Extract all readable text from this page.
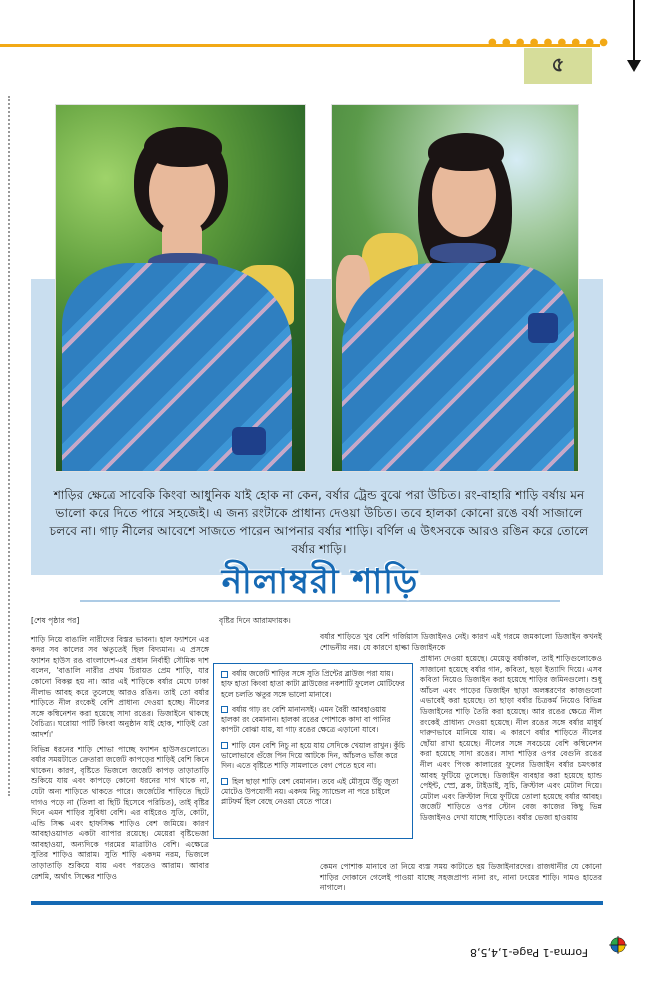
● ● ● ● ● ● ● ● ●
৫
শাড়ির ক্ষেত্রে সাবেকি কিংবা আধুনিক যাই হোক না কেন, বর্ষার ট্রেন্ড বুঝে পরা উচিত। রং-বাহারি শাড়ি বর্ষায় মন ভালো করে দিতে পারে সহজেই। এ জন্য রংটাকে প্রাধান্য দেওয়া উচিত। তবে হালকা কোনো রঙে বর্ষা সাজালে চলবে না। গাঢ় নীলের আবেশে সাজতে পারেন আপনার বর্ষার শাড়ি। বর্ণিল এ উৎসবকে আরও রঙিন করে তোলে বর্ষার শাড়ি।
নীলাম্বরী শাড়ি

[শেষ পৃষ্ঠার পর]

শাড়ি নিয়ে বাঙালি নারীদের বিস্তর ভাবনা। হাল ফ্যাশনে এর কদর সব কালের সব ঋতুতেই ছিল বিদ্যমান। এ প্রসঙ্গে ফ্যাশন হাউস রঙ বাংলাদেশ-এর প্রধান নির্বাহী সৌমিক দাশ বলেন, 'বাঙালি নারীর প্রথম চিরায়ত প্রেম শাড়ি, যার কোনো বিকল্প হয় না। আর এই শাড়িকে বর্ষার মেঘে ঢাকা নীলাভ আবহ করে তুলেছে আরও রঙিন। তাই তো বর্ষার শাড়িতে নীল রংকেই বেশি প্রাধান্য দেওয়া হচ্ছে। নীলের সঙ্গে কম্বিনেশন করা হয়েছে সাদা রঙের। ডিজাইনে থাকছে বৈচিত্র্য। ঘরোয়া পার্টি কিংবা অনুষ্ঠান যাই হোক, শাড়িই তো আদর্শ।'

বিভিন্ন ধরনের শাড়ি শোভা পাচ্ছে ফ্যাশন হাউসগুলোতে। বর্ষার সময়টাতে ক্রেতারা জর্জেট কাপড়ের শাড়িই বেশি কিনে থাকেন। কারণ, বৃষ্টিতে ভিজলে জর্জেট কাপড় তাড়াতাড়ি শুকিয়ে যায় এবং কাপড়ে কোনো ধরনের দাগ থাকে না, যেটা অন্য শাড়িতে থাকতে পারে। জর্জেটের শাড়িতে ছিটে দাগও পড়ে না (তিলা বা ছিটি হিসেবে পরিচিত), তাই বৃষ্টির দিনে এমন শাড়ির সুবিধা বেশি। এর বাইরেও সুতি, কোটা, এন্ডি সিল্ক এবং হাফসিল্ক শাড়িও বেশ জমিয়ে। কারণ আবহাওয়াগত একটা ব্যাপার রয়েছে। মেয়েরা বৃষ্টিভেজা আবহাওয়া, অন্যদিকে গরমের মাত্রাটাও বেশি। এক্ষেত্রে সুতির শাড়িও আরাম। সুতি শাড়ি একদম নরম, ভিজলে তাড়াতাড়ি শুকিয়ে যায় এবং পরতেও আরাম। আবার রেশমি, অর্থাৎ সিল্কের শাড়িও

বৃষ্টির দিনে আরামদায়ক।

বর্ষার শাড়িতে খুব বেশি গর্জিয়াস ডিজাইনও নেই। কারণ এই গরমে জমকালো ডিজাইন কখনই শোভনীয় নয়। যে কারণে হাল্কা ডিজাইনকে

প্রাধান্য দেওয়া হয়েছে। মেয়েড়ু বর্ষাকাল, তাই শাড়িগুলোকেও সাজানো হয়েছে বর্ষার গান, কবিতা, ছড়া ইত্যাদি দিয়ে। এসব কবিতা নিয়েও ডিজাইন করা হয়েছে শাড়ির জমিনগুলো। শুধু আঁচল এবং পাড়ের ডিজাইন ছাড়া অলঙ্করণের কাজগুলো এভাবেই করা হয়েছে। তা ছাড়া বর্ষার চিত্রকর্ম নিয়েও বিভিন্ন ডিজাইনের শাড়ি তৈরি করা হয়েছে। আর রঙের ক্ষেত্রে নীল রংকেই প্রাধান্য দেওয়া হয়েছে। নীল রঙের সঙ্গে বর্ষার মাধুর্য দারুণভাবে মানিয়ে যায়। এ কারণে বর্ষার শাড়িতে নীলের ছোঁয়া রাখা হয়েছে। নীলের সঙ্গে সবচেয়ে বেশি কম্বিনেশন করা হয়েছে সাদা রঙের। সাদা শাড়ির ওপর বেগুনি রঙের নীল এবং পিংক কালারের ফুলের ডিজাইন বর্ষার চমৎকার আবহ ফুটিয়ে তুলেছে। ডিজাইন ব্যবহার করা হয়েছে হ্যান্ড পেইন্ট, স্প্রে, ব্লক, টাইডাই, সুচি, ক্রিস্টাল এবং মেটাল দিয়ে। মেটাল এবং ক্রিস্টাল দিয়ে ফুটিয়ে তোলা হয়েছে বর্ষার আবহ। জর্জেট শাড়িতে ওপর স্টোন বেজ কাজের কিছু ভিন্ন ডিজাইনও দেখা যাচ্ছে শাড়িতে। বর্ষার ভেজা হাওয়ায়

বর্ষায় জর্জেট শাড়ির সঙ্গে সুতি প্রিন্টের ব্লাউজ পরা যায়। হাফ হাতা কিংবা হাতা কাটা ব্লাউজের নকশাটি ফুলেল মোটিফের হলে চলতি ঋতুর সঙ্গে ভালো মানাবে।

বর্ষায় গাঢ় রং বেশি মানানসই। এমন বৈরী আবহাওয়ায় হালকা রং বেমানান। হালকা রঙের পোশাকে কাদা বা পানির কাপটা বোঝা যায়, যা গাঢ় রঙের ক্ষেত্রে এড়ানো যাবে।

শাড়ি যেন বেশি নিচু না হয়ে যায় সেদিকে খেয়াল রাখুন। কুঁচি ভালোভাবে গুঁজে পিন দিয়ে আটকে দিন, আঁচলও ভাঁজ করে দিন। এতে বৃষ্টিতে শাড়ি সামলাতে বেগ পেতে হবে না।

হিল ছাড়া শাড়ি বেশ বেমানান। তবে এই মৌসুমে উঁচু জুতা মোটেও উপযোগী নয়। একদম নিচু স্যান্ডেল না পরে চাইলে প্লাটফর্ম হিল বেছে নেওয়া যেতে পারে।

কেমন পোশাক মানাবে তা নিয়ে ব্যস্ত সময় কাটাতে হয় ডিজাইনারদের। রাজধানীর যে কোনো শাড়ির দোকানে গেলেই পাওয়া যাচ্ছে সহজপ্রাপ্য নানা রং, নানা ঢংয়ের শাড়ি। দামও হাতের নাগালে।

Forma-1 Page-1,4,5,8
